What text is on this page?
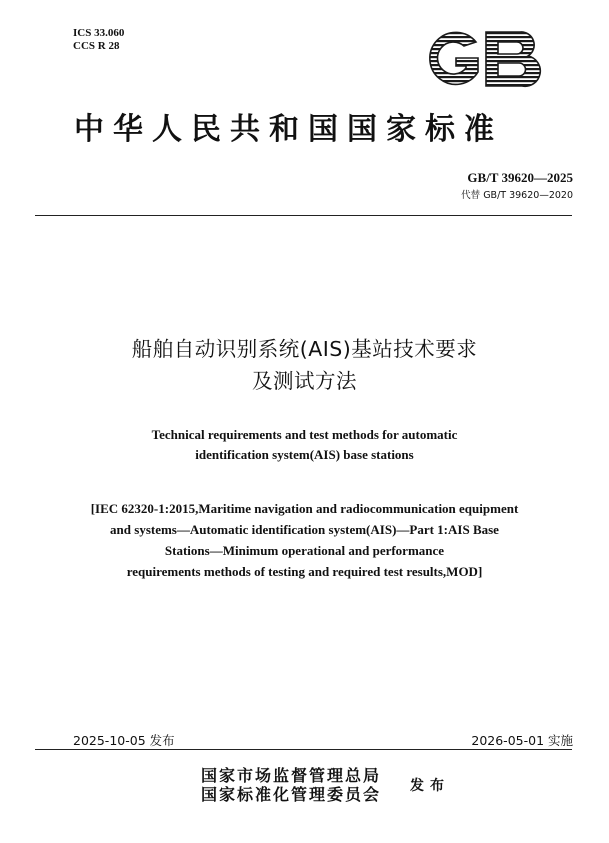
ICS 33.060
CCS R 28
GB
中华人民共和国国家标准
GB/T 39620—2025
代替 GB/T 39620—2020
船舶自动识别系统(AIS)基站技术要求
及测试方法
Technical requirements and test methods for automatic
identification system(AIS) base stations
[IEC 62320-1:2015,Maritime navigation and radiocommunication equipment
and systems—Automatic identification system(AIS)—Part 1:AIS Base
Stations—Minimum operational and performance
requirements methods of testing and required test results,MOD]
2025-10-05 发布	2026-05-01 实施
国家市场监督管理总局
国家标准化管理委员会 发布
